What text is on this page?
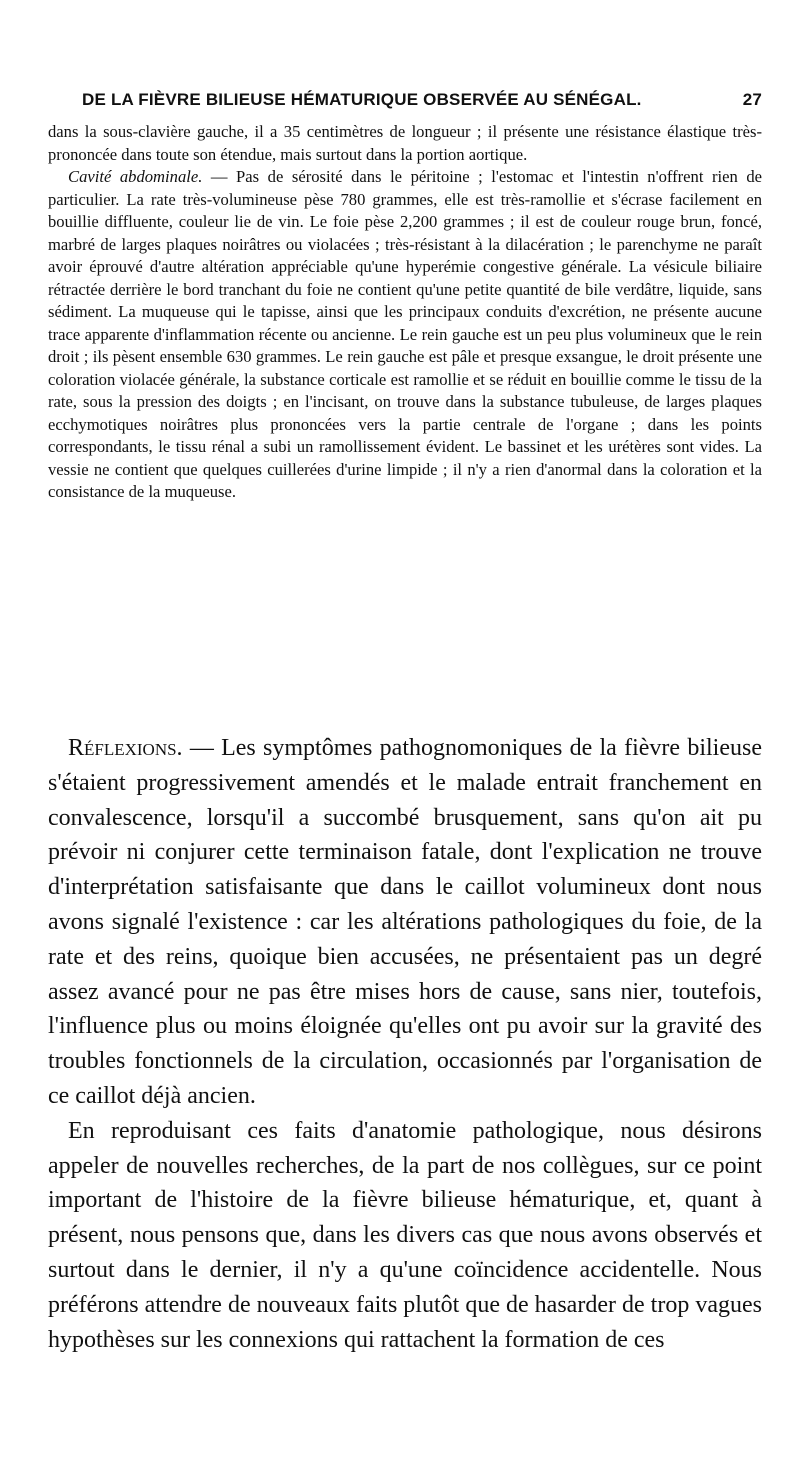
DE LA FIÈVRE BILIEUSE HÉMATURIQUE OBSERVÉE AU SÉNÉGAL.	27

dans la sous-clavière gauche, il a 35 centimètres de longueur ; il présente une résistance élastique très-prononcée dans toute son étendue, mais surtout dans la portion aortique.

Cavité abdominale. — Pas de sérosité dans le péritoine ; l'estomac et l'intestin n'offrent rien de particulier. La rate très-volumineuse pèse 780 grammes, elle est très-ramollie et s'écrase facilement en bouillie diffluente, couleur lie de vin. Le foie pèse 2,200 grammes ; il est de couleur rouge brun, foncé, marbré de larges plaques noirâtres ou violacées ; très-résistant à la dilacération ; le parenchyme ne paraît avoir éprouvé d'autre altération appréciable qu'une hyperémie congestive générale. La vésicule biliaire rétractée derrière le bord tranchant du foie ne contient qu'une petite quantité de bile verdâtre, liquide, sans sédiment. La muqueuse qui le tapisse, ainsi que les principaux conduits d'excrétion, ne présente aucune trace apparente d'inflammation récente ou ancienne. Le rein gauche est un peu plus volumineux que le rein droit ; ils pèsent ensemble 630 grammes. Le rein gauche est pâle et presque exsangue, le droit présente une coloration violacée générale, la substance corticale est ramollie et se réduit en bouillie comme le tissu de la rate, sous la pression des doigts ; en l'incisant, on trouve dans la substance tubuleuse, de larges plaques ecchymotiques noirâtres plus prononcées vers la partie centrale de l'organe ; dans les points correspondants, le tissu rénal a subi un ramollissement évident. Le bassinet et les urétères sont vides. La vessie ne contient que quelques cuillerées d'urine limpide ; il n'y a rien d'anormal dans la coloration et la consistance de la muqueuse.

Réflexions. — Les symptômes pathognomoniques de la fièvre bilieuse s'étaient progressivement amendés et le malade entrait franchement en convalescence, lorsqu'il a succombé brusquement, sans qu'on ait pu prévoir ni conjurer cette terminaison fatale, dont l'explication ne trouve d'interprétation satisfaisante que dans le caillot volumineux dont nous avons signalé l'existence : car les altérations pathologiques du foie, de la rate et des reins, quoique bien accusées, ne présentaient pas un degré assez avancé pour ne pas être mises hors de cause, sans nier, toutefois, l'influence plus ou moins éloignée qu'elles ont pu avoir sur la gravité des troubles fonctionnels de la circulation, occasionnés par l'organisation de ce caillot déjà ancien.

En reproduisant ces faits d'anatomie pathologique, nous désirons appeler de nouvelles recherches, de la part de nos collègues, sur ce point important de l'histoire de la fièvre bilieuse hématurique, et, quant à présent, nous pensons que, dans les divers cas que nous avons observés et surtout dans le dernier, il n'y a qu'une coïncidence accidentelle. Nous préférons attendre de nouveaux faits plutôt que de hasarder de trop vagues hypothèses sur les connexions qui rattachent la formation de ces
